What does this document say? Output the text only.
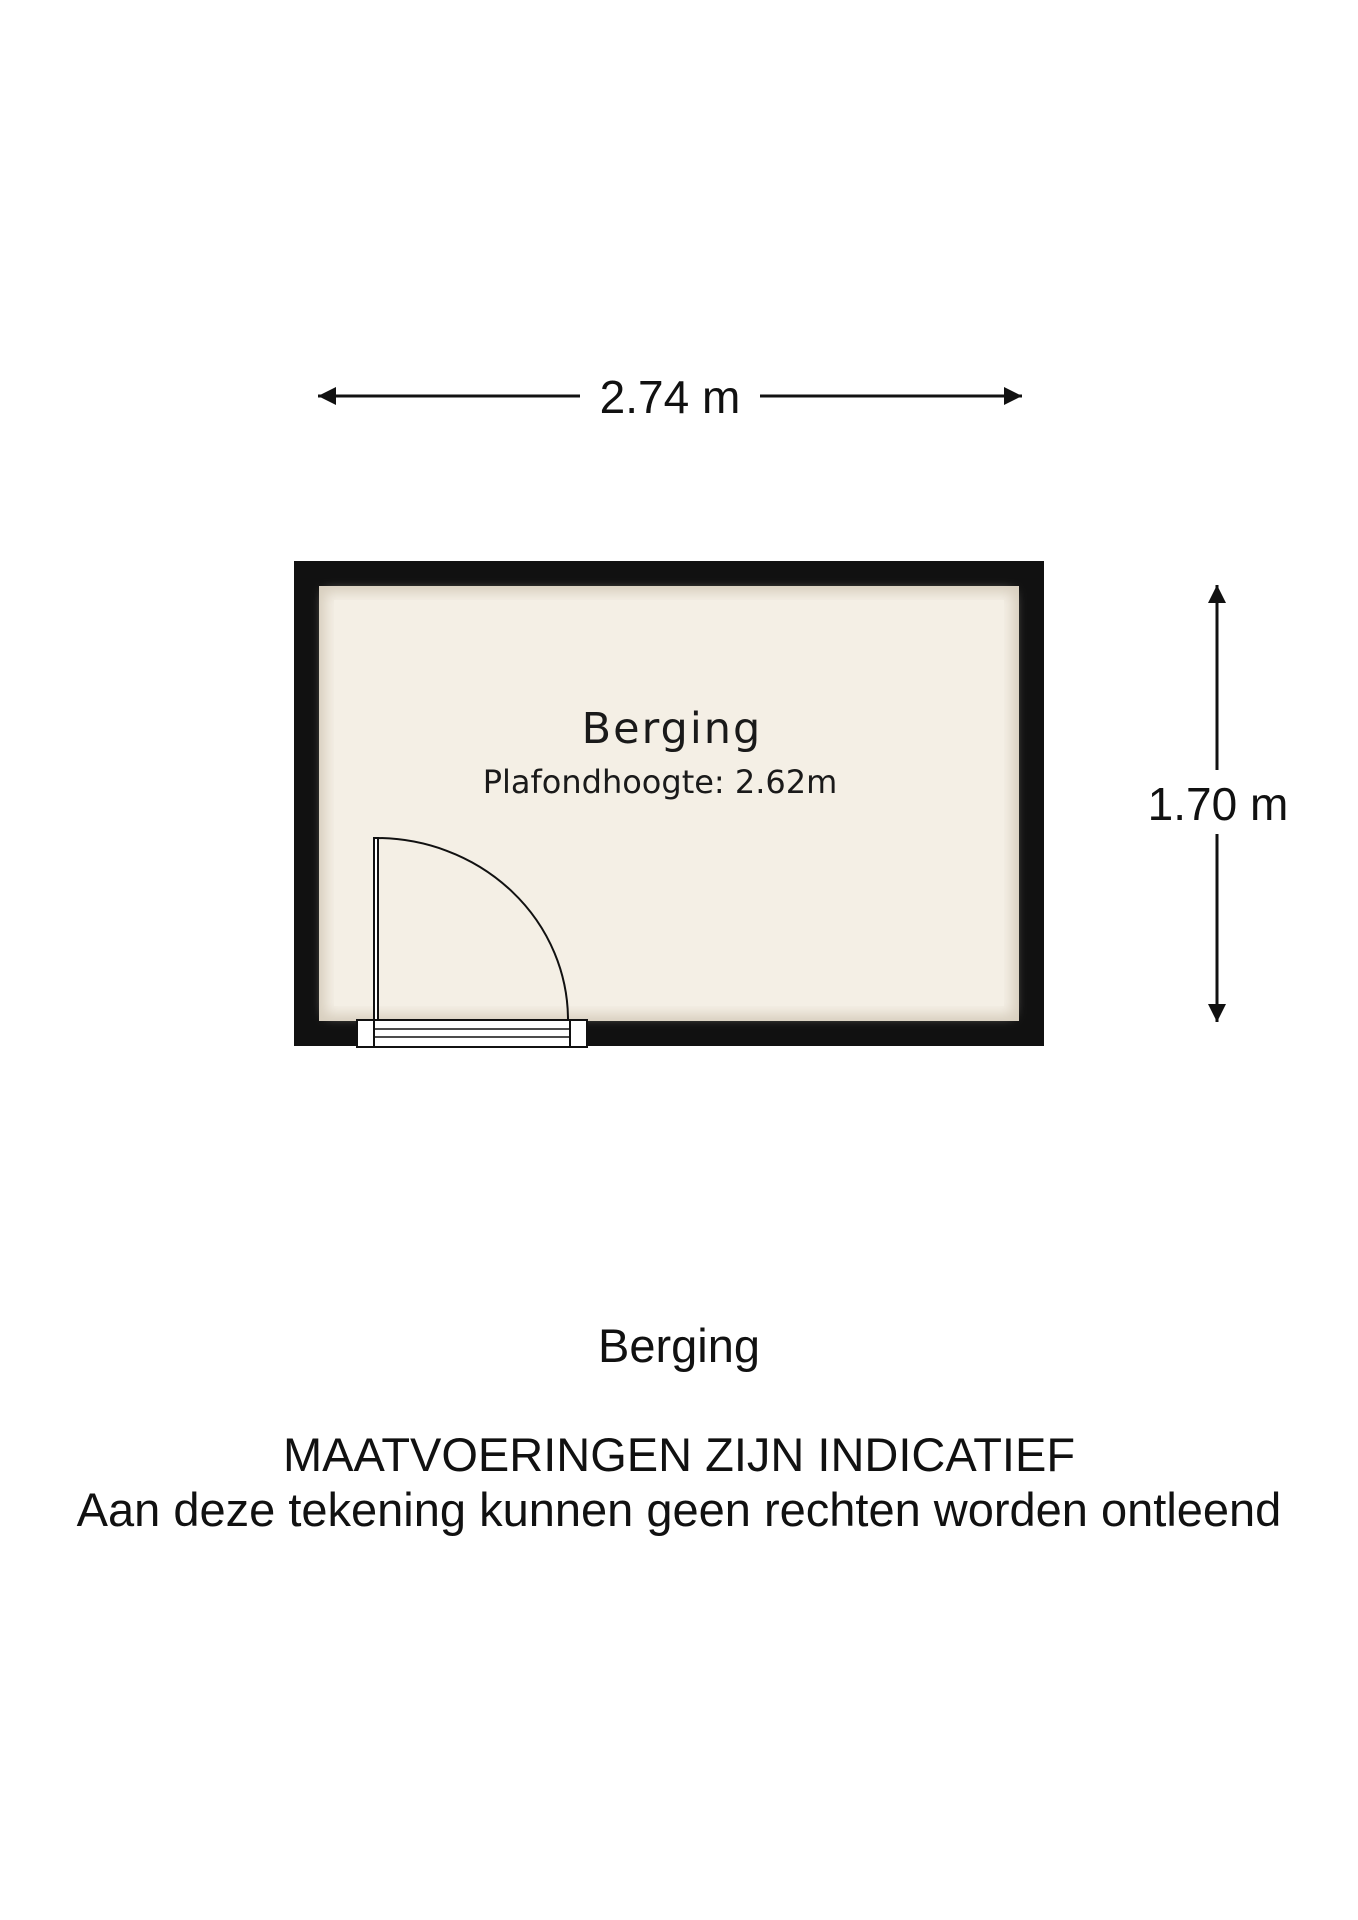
2.74 m
1.70 m
Berging
Plafondhoogte: 2.62m
Berging
MAATVOERINGEN ZIJN INDICATIEF
Aan deze tekening kunnen geen rechten worden ontleend
